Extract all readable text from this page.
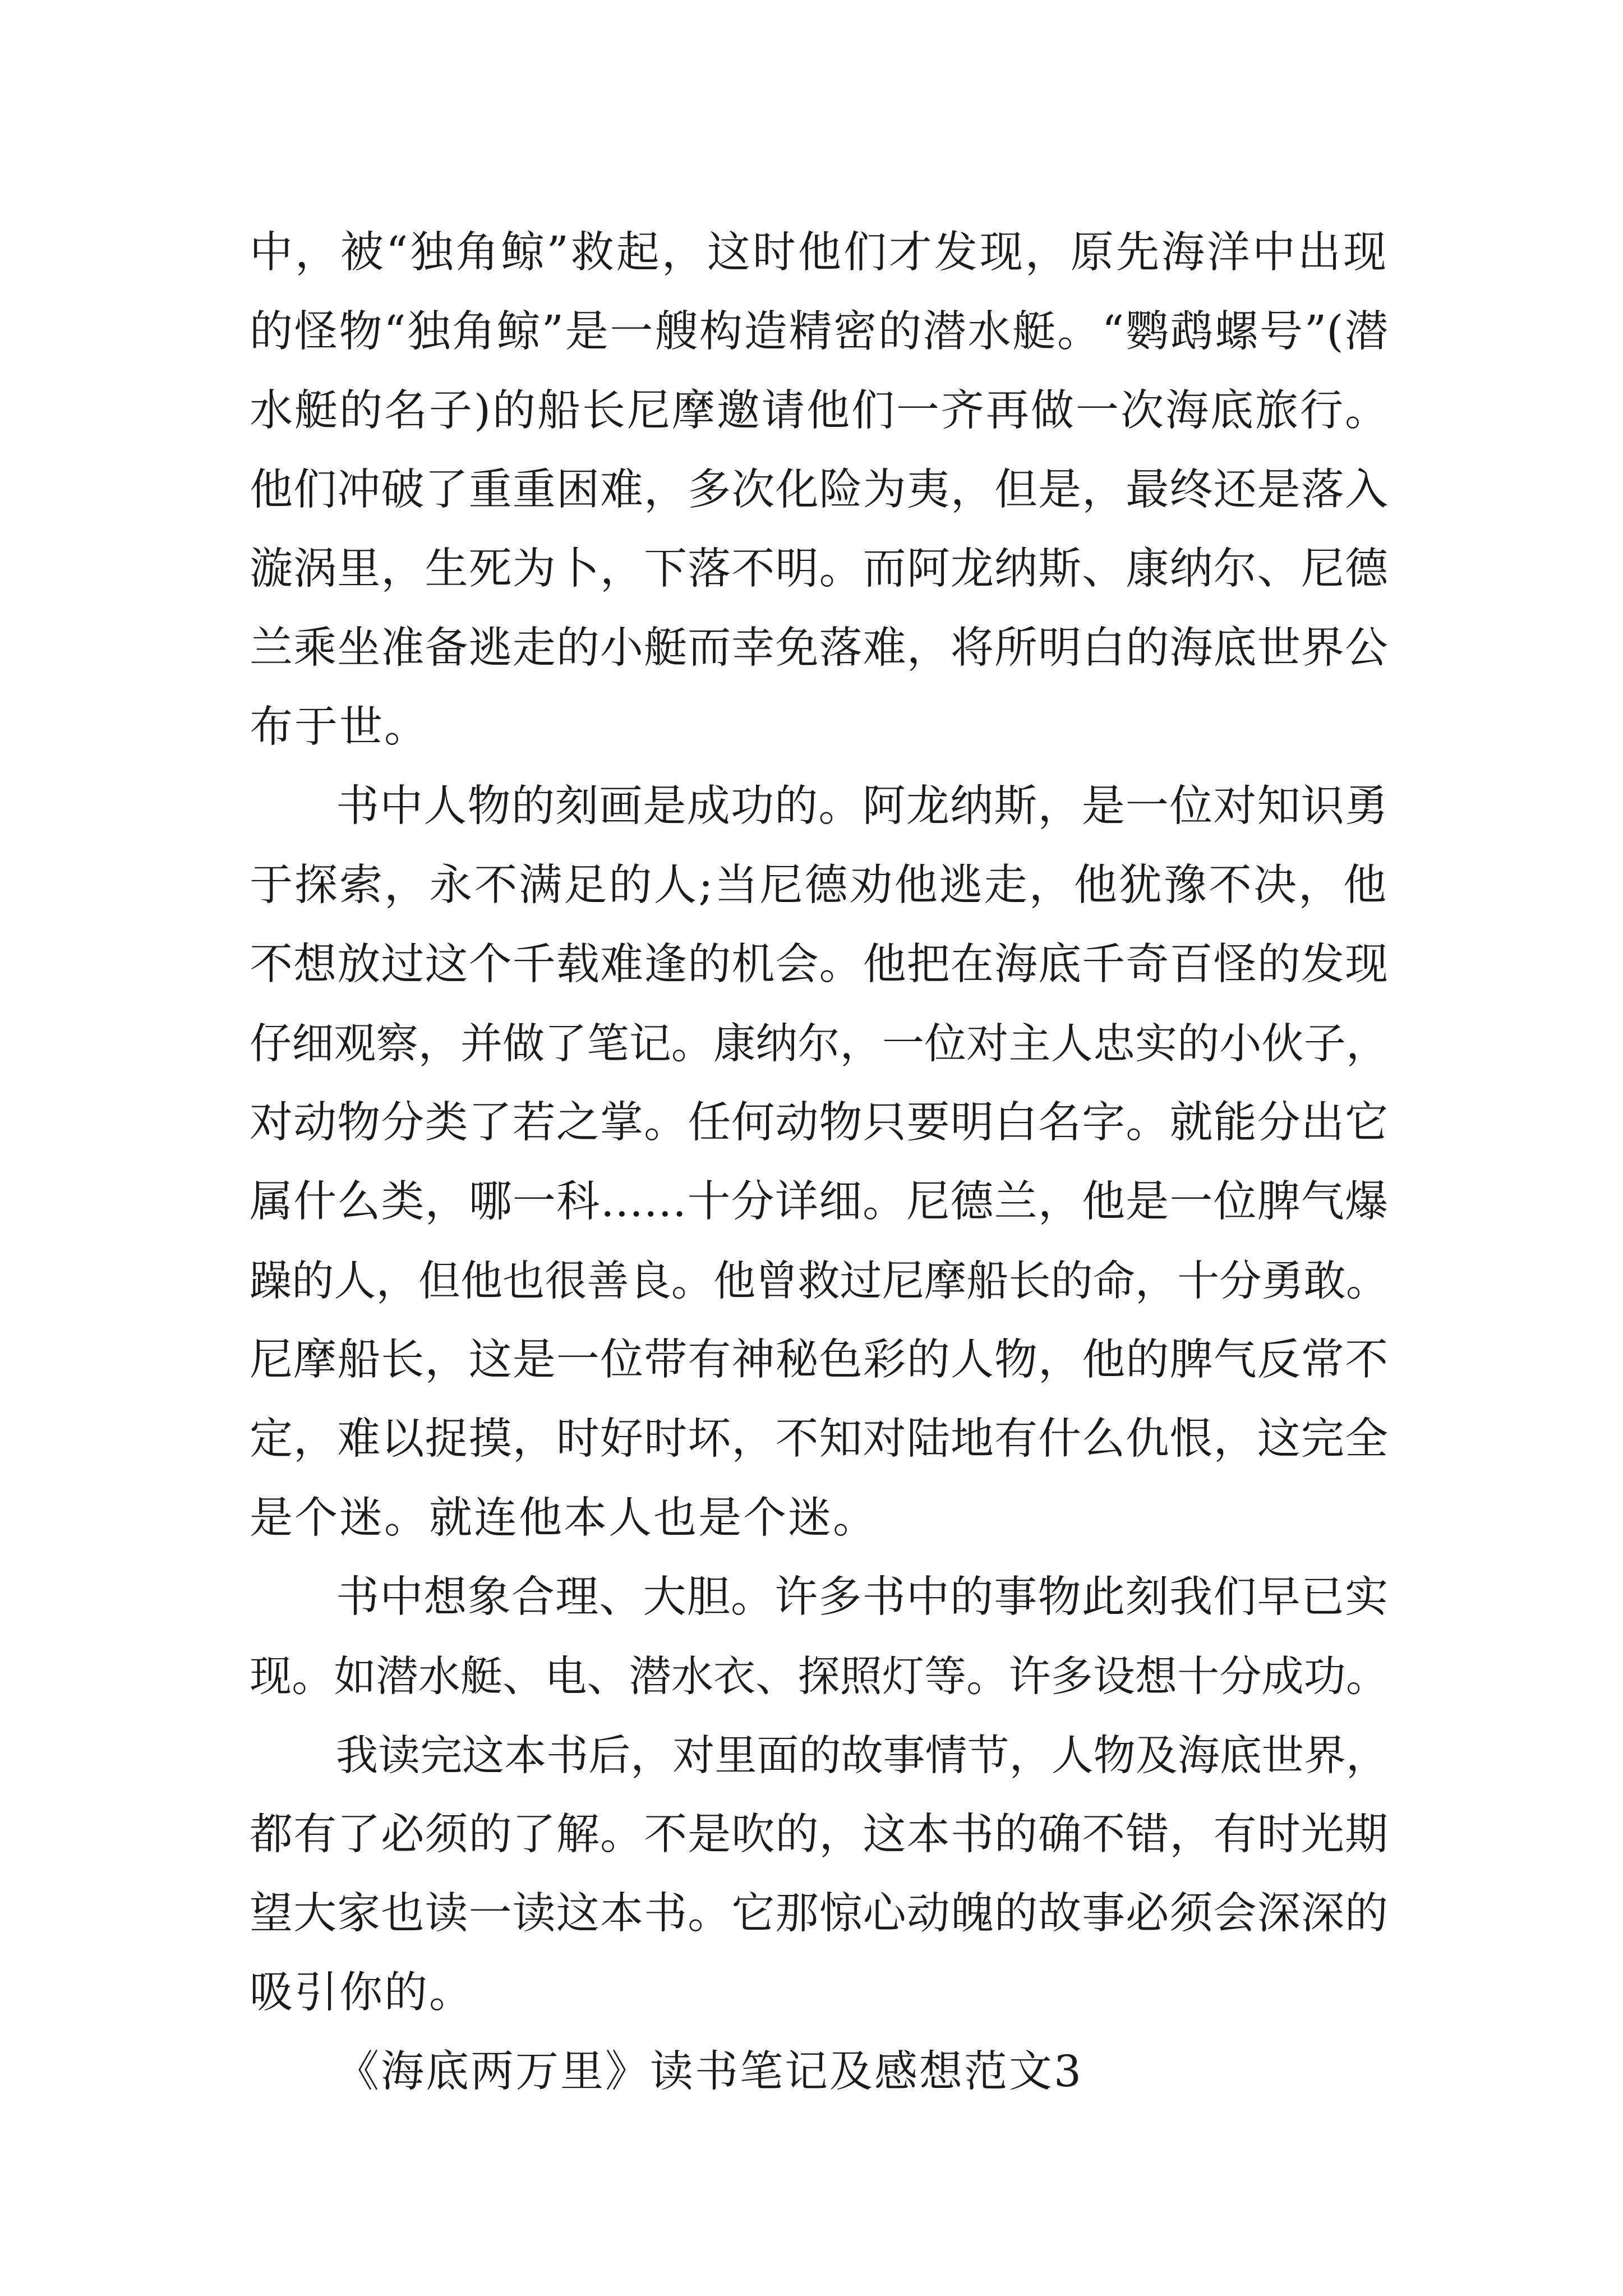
中，被“独角鲸”救起，这时他们才发现，原先海洋中出现
的怪物“独角鲸”是一艘构造精密的潜水艇。“鹦鹉螺号”(潜
水艇的名子)的船长尼摩邀请他们一齐再做一次海底旅行。
他们冲破了重重困难，多次化险为夷，但是，最终还是落入
漩涡里，生死为卜，下落不明。而阿龙纳斯、康纳尔、尼德
兰乘坐准备逃走的小艇而幸免落难，将所明白的海底世界公
布于世。
书中人物的刻画是成功的。阿龙纳斯，是一位对知识勇
于探索，永不满足的人;当尼德劝他逃走，他犹豫不决，他
不想放过这个千载难逢的机会。他把在海底千奇百怪的发现
仔细观察，并做了笔记。康纳尔，一位对主人忠实的小伙子，
对动物分类了若之掌。任何动物只要明白名字。就能分出它
属什么类，哪一科……十分详细。尼德兰，他是一位脾气爆
躁的人，但他也很善良。他曾救过尼摩船长的命，十分勇敢。
尼摩船长，这是一位带有神秘色彩的人物，他的脾气反常不
定，难以捉摸，时好时坏，不知对陆地有什么仇恨，这完全
是个迷。就连他本人也是个迷。
书中想象合理、大胆。许多书中的事物此刻我们早已实
现。如潜水艇、电、潜水衣、探照灯等。许多设想十分成功。
我读完这本书后，对里面的故事情节，人物及海底世界，
都有了必须的了解。不是吹的，这本书的确不错，有时光期
望大家也读一读这本书。它那惊心动魄的故事必须会深深的
吸引你的。
《海底两万里》读书笔记及感想范文3
